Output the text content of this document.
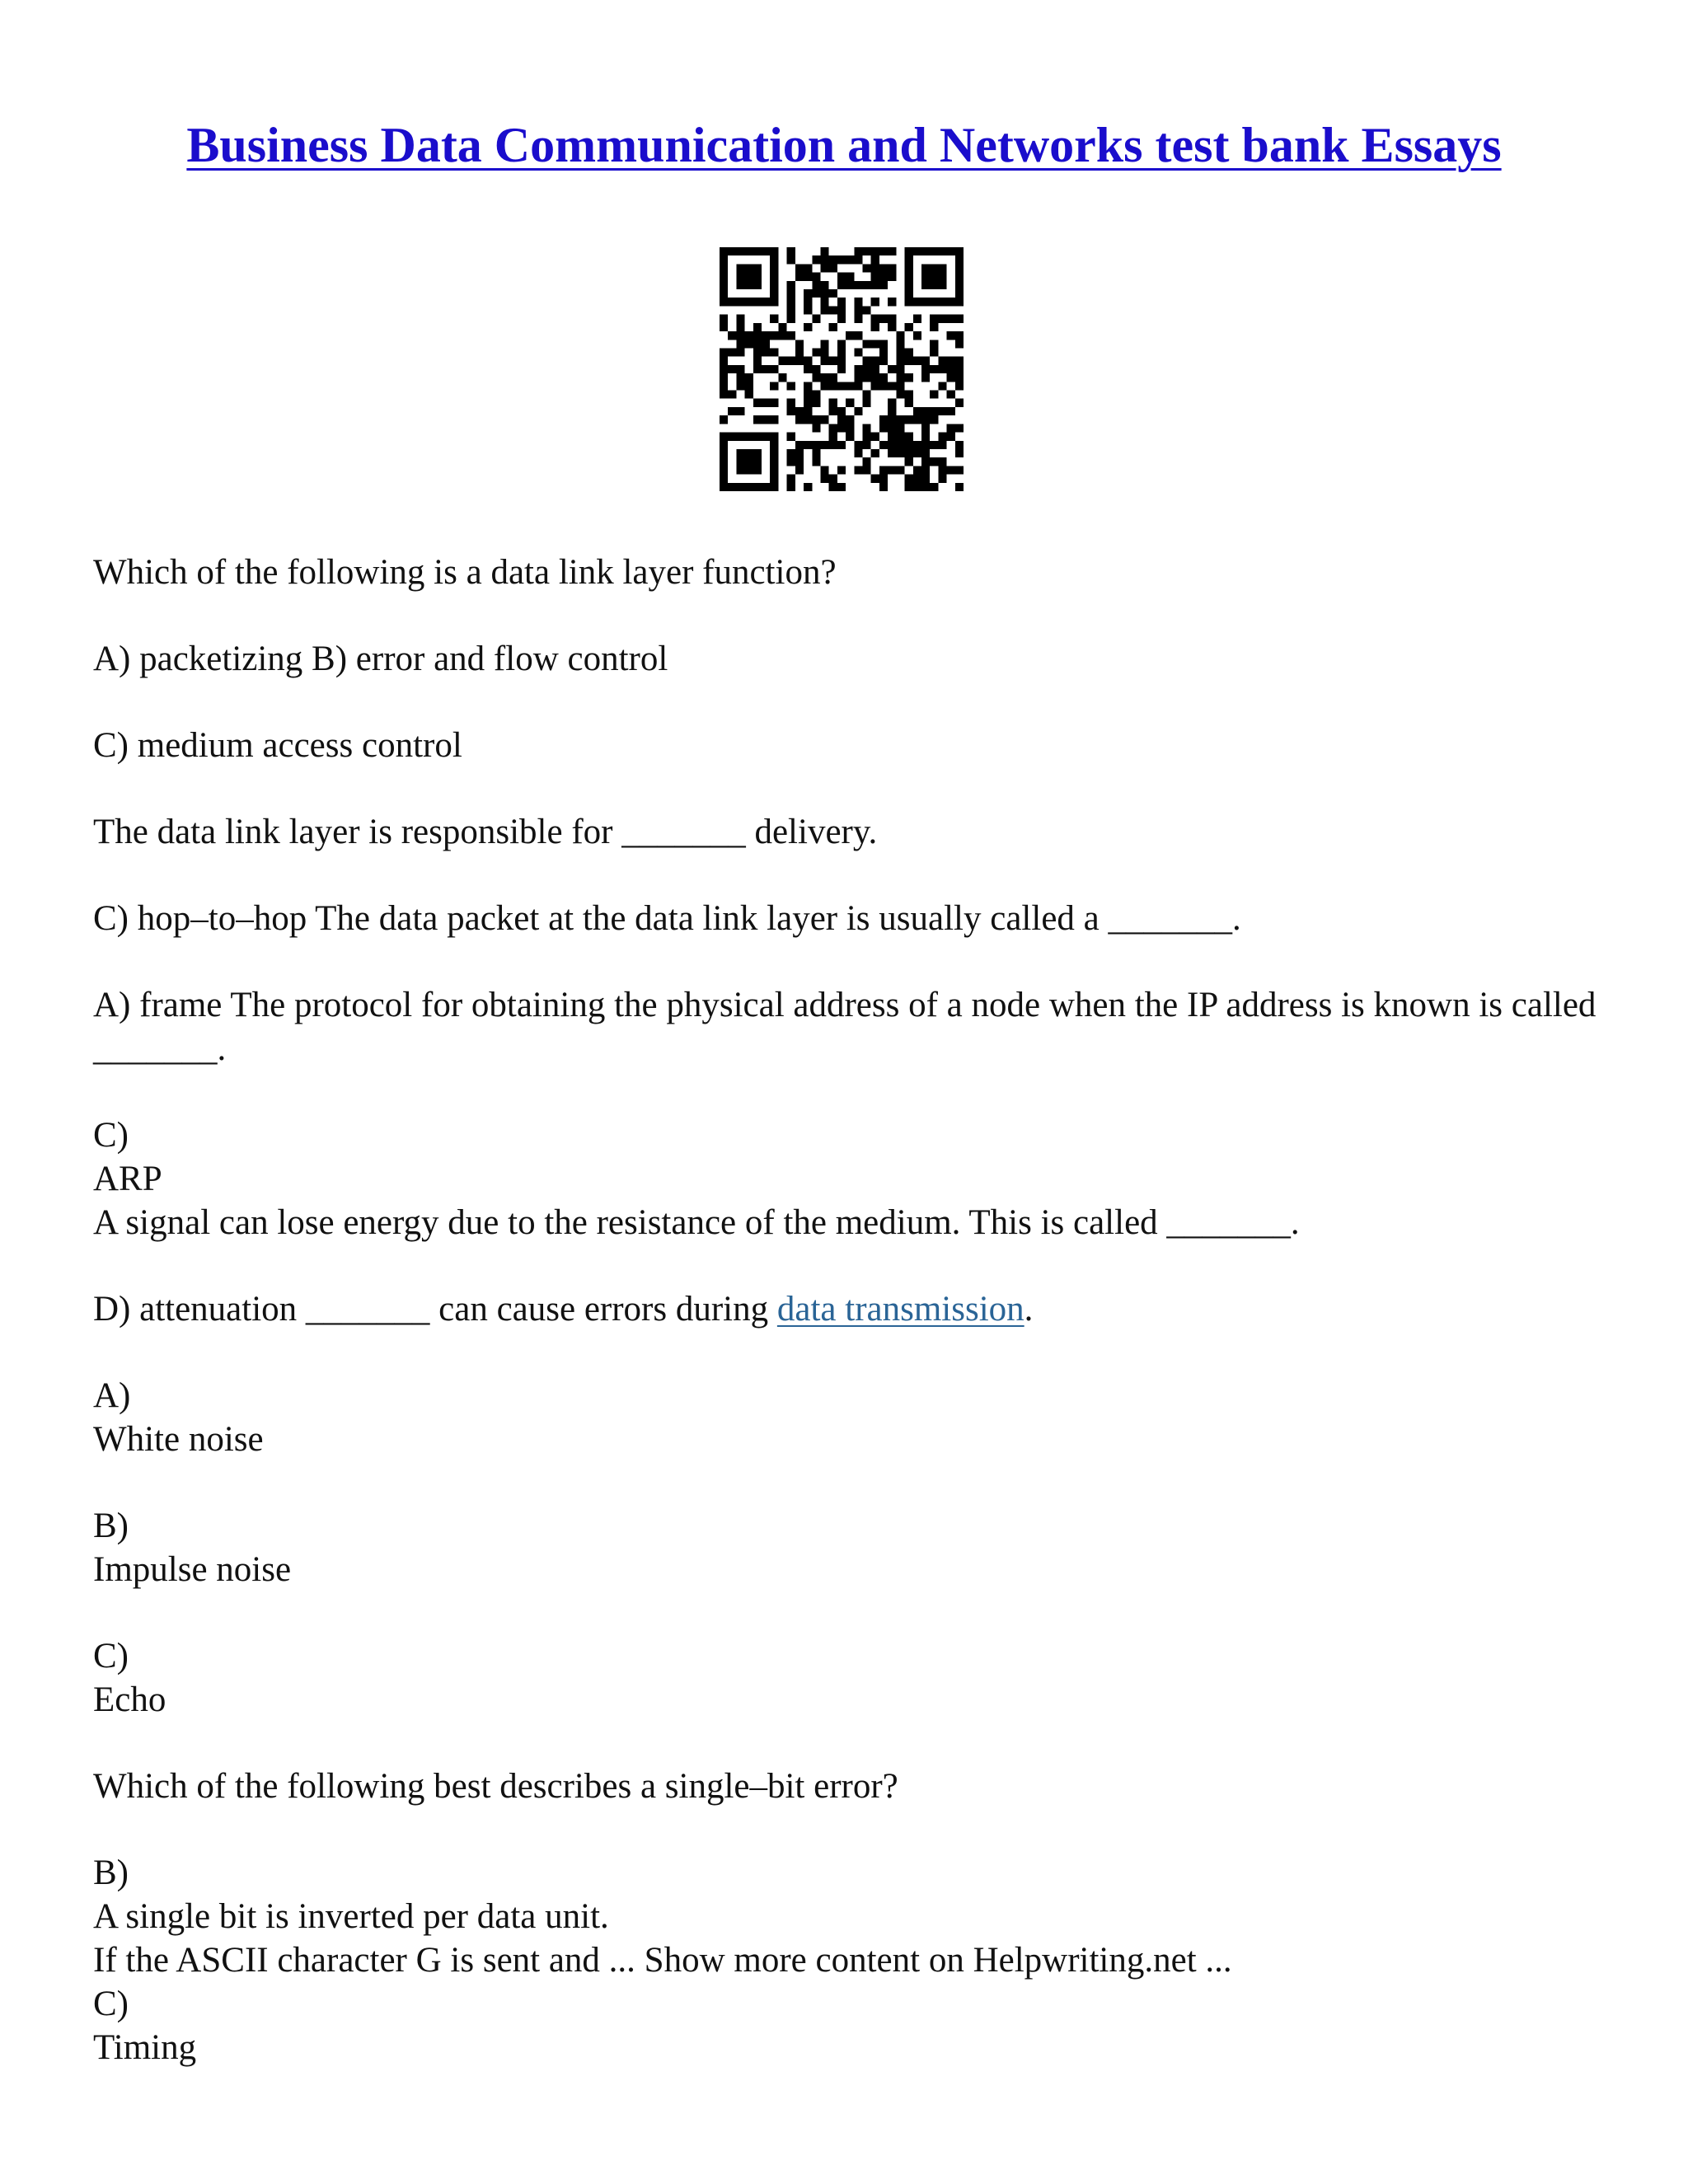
Business Data Communication and Networks test bank Essays

Which of the following is a data link layer function?

A) packetizing B) error and flow control

C) medium access control

The data link layer is responsible for _______ delivery.

C) hop–to–hop The data packet at the data link layer is usually called a _______.

A) frame The protocol for obtaining the physical address of a node when the IP address is known is called _______.

C)
ARP
A signal can lose energy due to the resistance of the medium. This is called _______.

D) attenuation _______ can cause errors during data transmission.

A)
White noise

B)
Impulse noise

C)
Echo

Which of the following best describes a single–bit error?

B)
A single bit is inverted per data unit.
If the ASCII character G is sent and ... Show more content on Helpwriting.net ...
C)
Timing
